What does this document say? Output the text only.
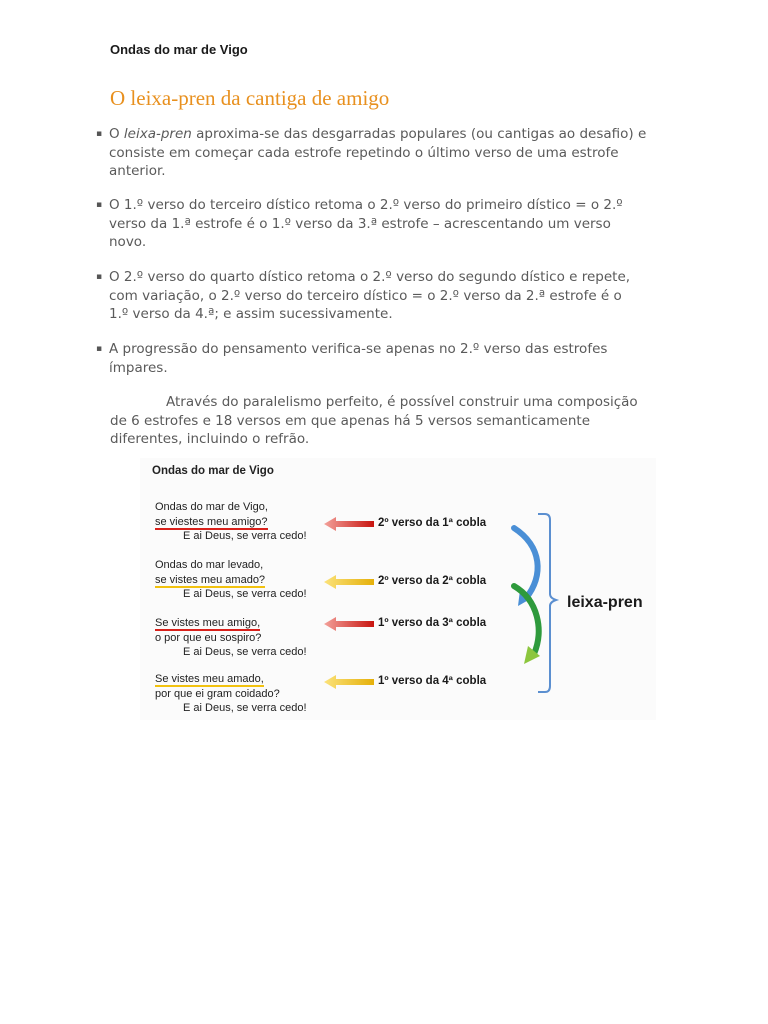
Ondas do mar de Vigo
O leixa-pren da cantiga de amigo
▪ O leixa-pren aproxima-se das desgarradas populares (ou cantigas ao desafio) e
consiste em começar cada estrofe repetindo o último verso de uma estrofe
anterior.
▪ O 1.º verso do terceiro dístico retoma o 2.º verso do primeiro dístico = o 2.º
verso da 1.ª estrofe é o 1.º verso da 3.ª estrofe – acrescentando um verso
novo.
▪ O 2.º verso do quarto dístico retoma o 2.º verso do segundo dístico e repete,
com variação, o 2.º verso do terceiro dístico = o 2.º verso da 2.ª estrofe é o
1.º verso da 4.ª; e assim sucessivamente.
▪ A progressão do pensamento verifica-se apenas no 2.º verso das estrofes
ímpares.
Através do paralelismo perfeito, é possível construir uma composição
de 6 estrofes e 18 versos em que apenas há 5 versos semanticamente
diferentes, incluindo o refrão.
Ondas do mar de Vigo
Ondas do mar de Vigo,
se viestes meu amigo?
E ai Deus, se verra cedo!
Ondas do mar levado,
se vistes meu amado?
E ai Deus, se verra cedo!
Se vistes meu amigo,
o por que eu sospiro?
E ai Deus, se verra cedo!
Se vistes meu amado,
por que ei gram coidado?
E ai Deus, se verra cedo!
2º verso da 1ª cobla
2º verso da 2ª cobla
1º verso da 3ª cobla
1º verso da 4ª cobla
leixa-pren
